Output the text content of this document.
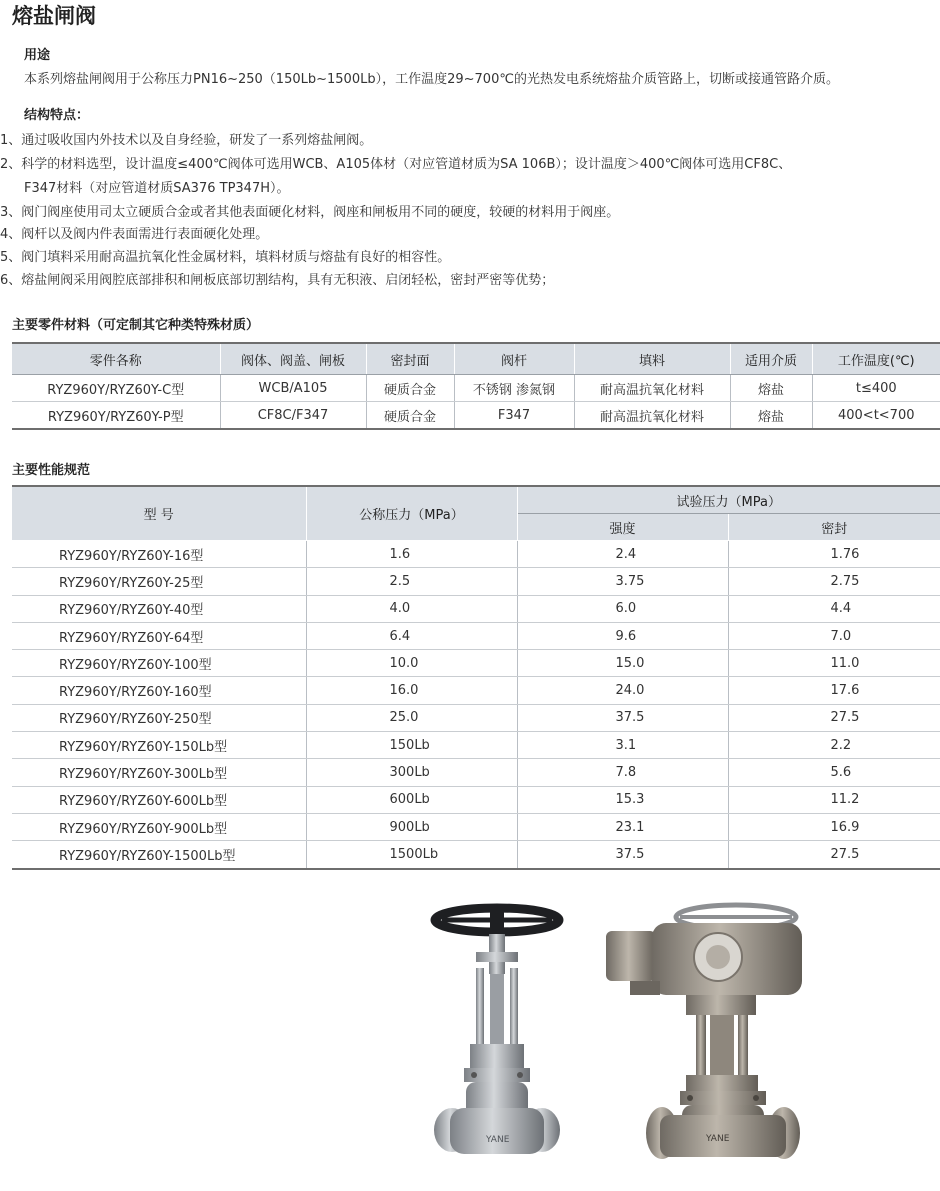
熔盐闸阀
用途
本系列熔盐闸阀用于公称压力PN16~250（150Lb~1500Lb），工作温度29~700℃的光热发电系统熔盐介质管路上，切断或接通管路介质。
结构特点：
1、通过吸收国内外技术以及自身经验，研发了一系列熔盐闸阀。
2、科学的材料选型，设计温度≤400℃阀体可选用WCB、A105体材（对应管道材质为SA 106B）；设计温度＞400℃阀体可选用CF8C、
F347材料（对应管道材质SA376 TP347H）。
3、阀门阀座使用司太立硬质合金或者其他表面硬化材料，阀座和闸板用不同的硬度，较硬的材料用于阀座。
4、阀杆以及阀内件表面需进行表面硬化处理。
5、阀门填料采用耐高温抗氧化性金属材料，填料材质与熔盐有良好的相容性。
6、熔盐闸阀采用阀腔底部排积和闸板底部切割结构，具有无积液、启闭轻松，密封严密等优势；
主要零件材料（可定制其它种类特殊材质）
零件各称	阀体、阀盖、闸板	密封面	阀杆	填料	适用介质	工作温度(℃)
RYZ960Y/RYZ60Y-C型	WCB/A105	硬质合金	不锈钢 渗氮钢	耐高温抗氧化材料	熔盐	t≤400
RYZ960Y/RYZ60Y-P型	CF8C/F347	硬质合金	F347	耐高温抗氧化材料	熔盐	400<t<700
主要性能规范
型 号	公称压力（MPa）	试验压力（MPa）	
		强度	密封
RYZ960Y/RYZ60Y-16型	1.6	2.4	1.76
RYZ960Y/RYZ60Y-25型	2.5	3.75	2.75
RYZ960Y/RYZ60Y-40型	4.0	6.0	4.4
RYZ960Y/RYZ60Y-64型	6.4	9.6	7.0
RYZ960Y/RYZ60Y-100型	10.0	15.0	11.0
RYZ960Y/RYZ60Y-160型	16.0	24.0	17.6
RYZ960Y/RYZ60Y-250型	25.0	37.5	27.5
RYZ960Y/RYZ60Y-150Lb型	150Lb	3.1	2.2
RYZ960Y/RYZ60Y-300Lb型	300Lb	7.8	5.6
RYZ960Y/RYZ60Y-600Lb型	600Lb	15.3	11.2
RYZ960Y/RYZ60Y-900Lb型	900Lb	23.1	16.9
RYZ960Y/RYZ60Y-1500Lb型	1500Lb	37.5	27.5
YANE	YANE
